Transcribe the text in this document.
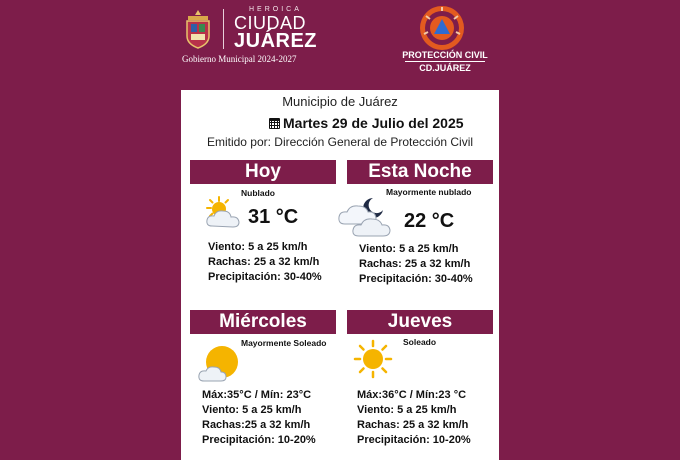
HEROICA
CIUDAD
JUÁREZ
Gobierno Municipal 2024-2027	PROTECCIÓN CIVIL
CD.JUÁREZ
Municipio de Juárez
Martes 29 de Julio del 2025
Emitido por: Dirección General de Protección Civil
Hoy
Nublado
31 °C
Viento: 5 a 25 km/h
Rachas: 25 a 32 km/h
Precipitación: 30-40%
Esta Noche
Mayormente nublado
22 °C
Viento: 5 a 25 km/h
Rachas: 25 a 32 km/h
Precipitación: 30-40%
Miércoles
Mayormente Soleado
Máx:35°C / Mín: 23°C
Viento: 5 a 25 km/h
Rachas:25 a 32 km/h
Precipitación: 10-20%
Jueves
Soleado
Máx:36°C / Mín:23 °C
Viento: 5 a 25 km/h
Rachas: 25 a 32 km/h
Precipitación: 10-20%
